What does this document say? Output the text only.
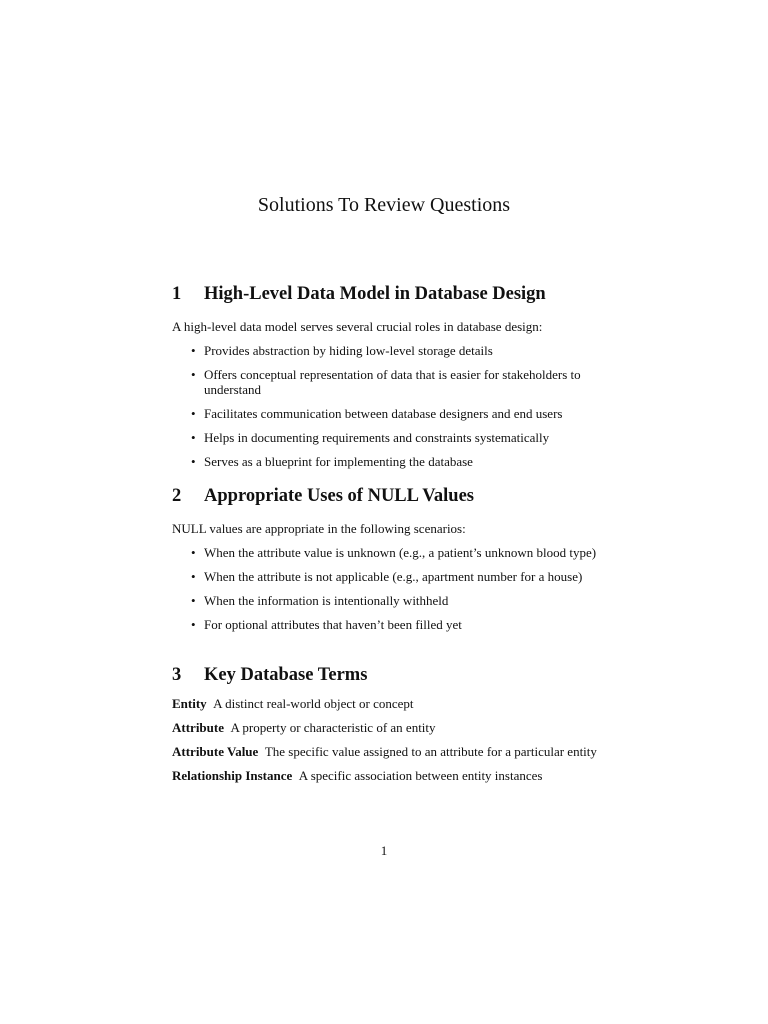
Solutions To Review Questions
1	High-Level Data Model in Database Design

A high-level data model serves several crucial roles in database design:

• Provides abstraction by hiding low-level storage details
• Offers conceptual representation of data that is easier for stakeholders to understand
• Facilitates communication between database designers and end users
• Helps in documenting requirements and constraints systematically
• Serves as a blueprint for implementing the database
2	Appropriate Uses of NULL Values

NULL values are appropriate in the following scenarios:

• When the attribute value is unknown (e.g., a patient’s unknown blood type)
• When the attribute is not applicable (e.g., apartment number for a house)
• When the information is intentionally withheld
• For optional attributes that haven’t been filled yet
3	Key Database Terms
Entity A distinct real-world object or concept
Attribute A property or characteristic of an entity
Attribute Value The specific value assigned to an attribute for a particular entity
Relationship Instance A specific association between entity instances
1
